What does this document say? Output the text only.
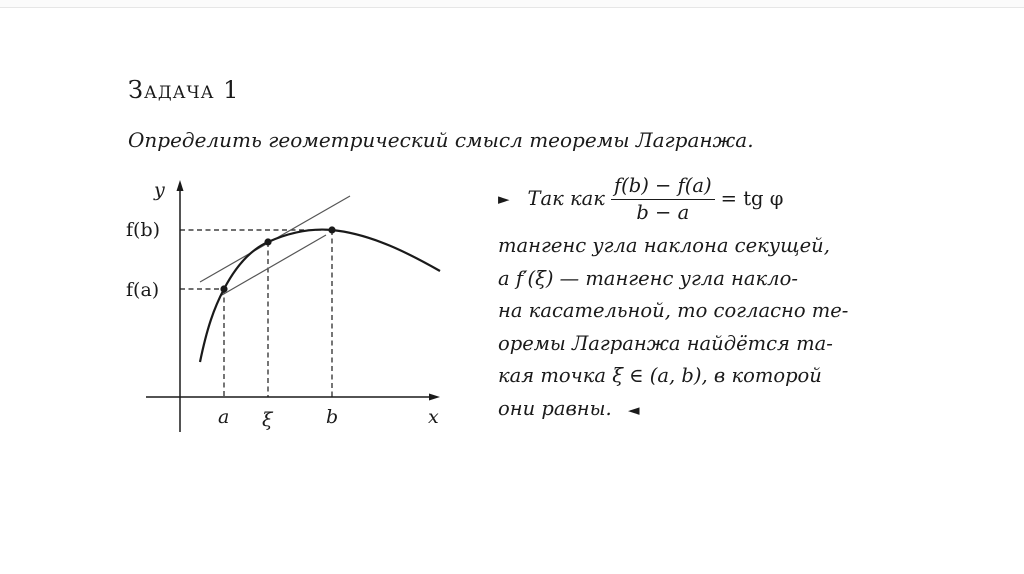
Задача 1
Определить геометрический смысл теоремы Лагранжа.
y
x
f(b)
f(a)
a ξ	b
► Так как $\frac{f(b) - f(a)}{b - a}$ = tg φ
тангенс угла наклона секущей,
а f′(ξ) — тангенс угла накло-
на касательной, то согласно те-
оремы Лагранжа найдётся та-
кая точка ξ ∈ (a, b), в которой
они равны. ◄
